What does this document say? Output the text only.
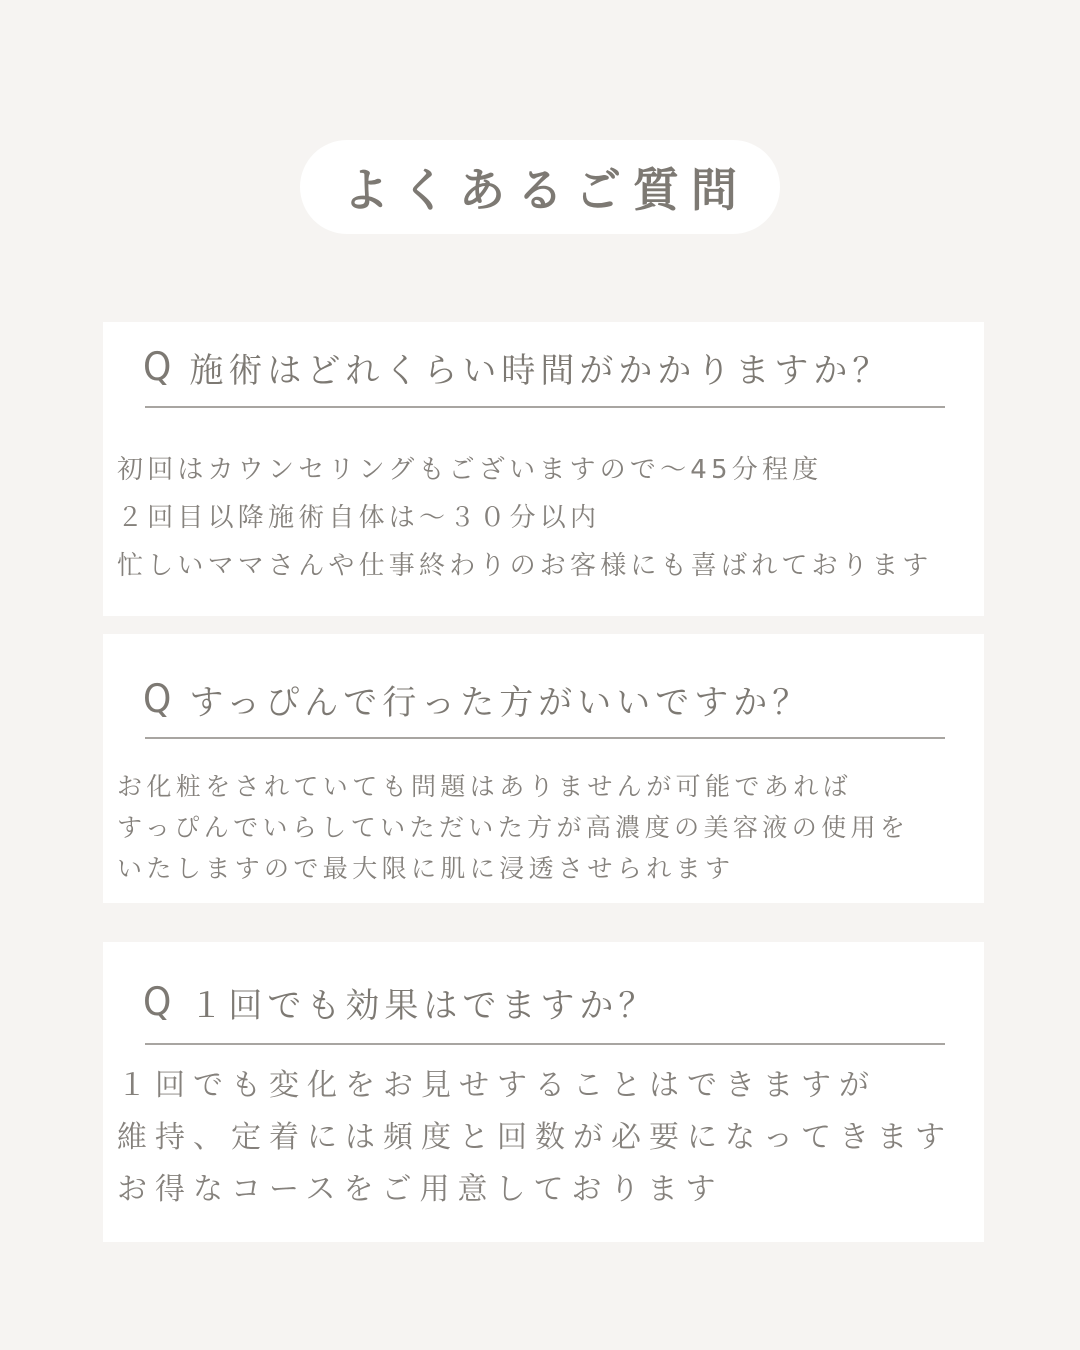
よくあるご質問
Q 施術はどれくらい時間がかかりますか？
初回はカウンセリングもございますので〜45分程度
２回目以降施術自体は〜３０分以内
忙しいママさんや仕事終わりのお客様にも喜ばれております
Q すっぴんで行った方がいいですか？
お化粧をされていても問題はありませんが可能であれば
すっぴんでいらしていただいた方が高濃度の美容液の使用を
いたしますので最大限に肌に浸透させられます
Q １回でも効果はでますか？
１回でも変化をお見せすることはできますが
維持、定着には頻度と回数が必要になってきます
お得なコースをご用意しております
